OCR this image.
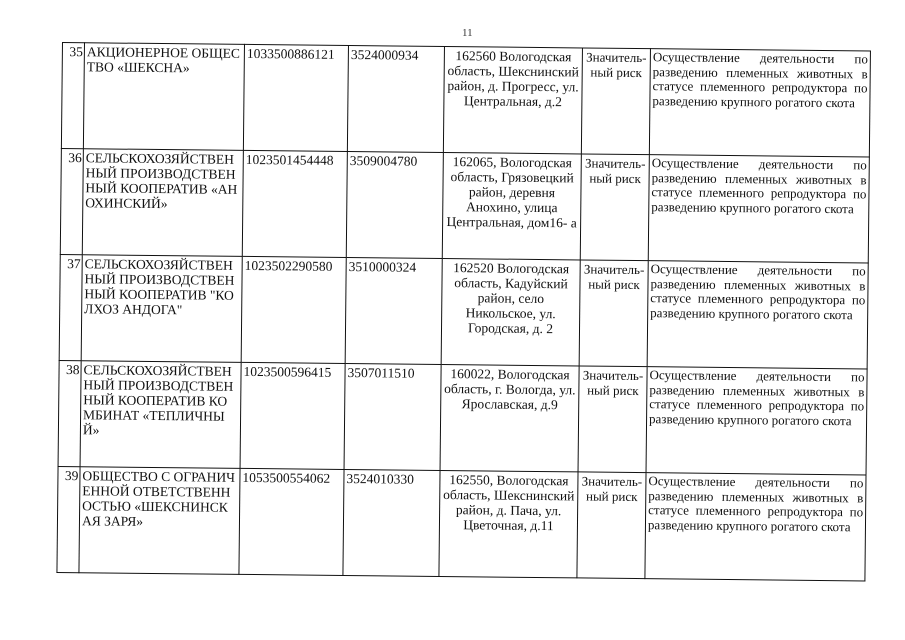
11
35	АКЦИОНЕРНОЕ ОБЩЕСТВО «ШЕКСНА»	1033500886121	3524000934	162560 Вологодская область, Шекснинский район, д. Прогресс, ул. Центральная, д.2	Значитель-ный риск	Осуществление деятельности по разведению племенных животных в статусе племенного репродуктора по разведению крупного рогатого скота
36	СЕЛЬСКОХОЗЯЙСТВЕННЫЙ ПРОИЗВОДСТВЕННЫЙ КООПЕРАТИВ «АНОХИНСКИЙ»	1023501454448	3509004780	162065, Вологодская область, Грязовецкий район, деревня Анохино, улица Центральная, дом16- а	Значитель-ный риск	Осуществление деятельности по разведению племенных животных в статусе племенного репродуктора по разведению крупного рогатого скота
37	СЕЛЬСКОХОЗЯЙСТВЕННЫЙ ПРОИЗВОДСТВЕННЫЙ КООПЕРАТИВ "КОЛХОЗ АНДОГА"	1023502290580	3510000324	162520 Вологодская область, Кадуйский район, село Никольское, ул. Городская, д. 2	Значитель-ный риск	Осуществление деятельности по разведению племенных животных в статусе племенного репродуктора по разведению крупного рогатого скота
38	СЕЛЬСКОХОЗЯЙСТВЕННЫЙ ПРОИЗВОДСТВЕННЫЙ КООПЕРАТИВ КОМБИНАТ «ТЕПЛИЧНЫЙ»	1023500596415	3507011510	160022, Вологодская область, г. Вологда, ул. Ярославская, д.9	Значитель-ный риск	Осуществление деятельности по разведению племенных животных в статусе племенного репродуктора по разведению крупного рогатого скота
39	ОБЩЕСТВО С ОГРАНИЧЕННОЙ ОТВЕТСТВЕННОСТЬЮ «ШЕКСНИНСКАЯ ЗАРЯ»	1053500554062	3524010330	162550, Вологодская область, Шекснинский район, д. Пача, ул. Цветочная, д.11	Значитель-ный риск	Осуществление деятельности по разведению племенных животных в статусе племенного репродуктора по разведению крупного рогатого скота
